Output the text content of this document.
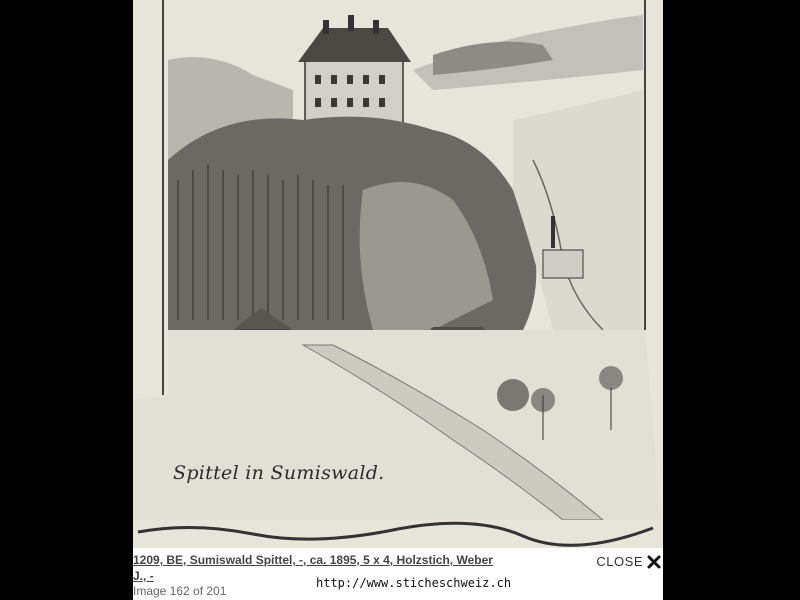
Spittel in Sumiswald.
1209, BE, Sumiswald Spittel, -, ca. 1895, 5 x 4, Holzstich, Weber J., -
Image 162 of 201
http://www.sticheschweiz.ch
CLOSE
